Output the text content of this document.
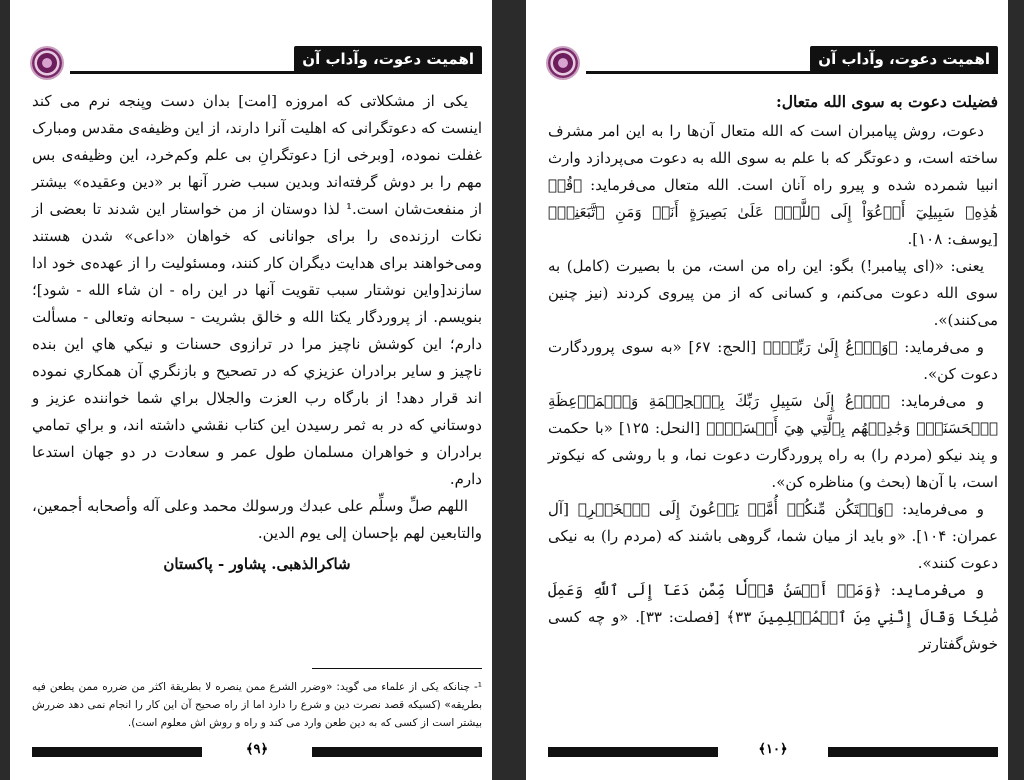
اهمیت دعوت، وآداب آن

یکی از مشکلاتی که امروزه [امت] بدان دست وپنجه نرم می کند اینست که دعوتگرانی که اهلیت آنرا دارند، از این وظیفه‌ی مقدس ومبارک غفلت نموده، [وبرخی از] دعوتگرانِ بی علم وکم‌خرد، این وظیفه‌ی بس مهم را بر دوش گرفته‌اند وبدین سبب ضرر آنها بر «دین وعقیده» بیشتر از منفعت‌شان است.¹ لذا دوستان از من خواستار این شدند تا بعضی از نکات ارزنده‌ی را برای جوانانی که خواهان «داعی» شدن هستند ومی‌خواهند برای هدایت دیگران کار کنند، ومسئولیت را از عهده‌ی خود ادا سازند[واین نوشتار سبب تقویت آنها در این راه - ان شاء الله - شود]؛ بنویسم. از پروردگار یکتا الله و خالق بشریت - سبحانه وتعالی - مسألت دارم؛ این کوشش ناچیز مرا در ترازوی حسنات و نیکي هاي این بنده ناچیز و سایر برادران عزیزي که در تصحیح و بازنگري آن همکاري نموده اند قرار دهد! از بارگاه رب العزت والجلال براي شما خواننده عزیز و دوستاني که در به ثمر رسیدن این کتاب نقشي داشته اند، و براي تمامي برادران و خواهران مسلمان طول عمر و سعادت در دو جهان استدعا دارم.

اللهم صلِّ وسلِّم علی عبدك ورسولك محمد وعلی آله وأصحابه أجمعین، والتابعین لهم بإحسان إلی یوم الدین.

شاکرالذهبی. پشاور - پاکستان

¹- چنانکه یکی از علماء می گوید: «وضرر الشرع ممن ینصره لا بطریقة اکثر من ضرره ممن یطعن فیه بطریقه» (کسیکه قصد نصرت دین و شرع را دارد اما از راه صحیح آن این کار را انجام نمی دهد ضررش بیشتر است از کسی که به دین طعن وارد می کند و راه و روش اش معلوم است).
﴿۹﴾
اهمیت دعوت، وآداب آن

فضیلت دعوت به سوی الله متعال:

دعوت، روش پیامبران است که الله متعال آن‌ها را به این امر مشرف ساخته است، و دعوتگر که با علم به سوی الله به دعوت می‌پردازد وارث انبیا شمرده شده و پیرو راه آنان است. الله متعال می‌فرماید: ﴿قُلۡ هَٰذِهِۦ سَبِيلِيٓ أَدۡعُوٓاْ إِلَى ٱللَّهِۚ عَلَىٰ بَصِيرَةٍ أَنَا۠ وَمَنِ ٱتَّبَعَنِيۖ﴾ [یوسف: ۱۰۸].

یعنی: «(ای پیامبر!) بگو: این راه من است، من با بصیرت (کامل) به سوی الله دعوت می‌کنم، و کسانی که از من پیروی کردند (نیز چنین می‌کنند)».

و می‌فرماید: ﴿وَٱدۡعُ إِلَىٰ رَبِّكَۖ﴾ [الحج: ۶۷] «به سوی پروردگارت دعوت کن».

و می‌فرماید: ﴿ٱدۡعُ إِلَىٰ سَبِيلِ رَبِّكَ بِٱلۡحِكۡمَةِ وَٱلۡمَوۡعِظَةِ ٱلۡحَسَنَةِۖ وَجَٰدِلۡهُم بِٱلَّتِي هِيَ أَحۡسَنُۚ﴾ [النحل: ۱۲۵] «با حکمت و پند نیکو (مردم را) به راه پروردگارت دعوت نما، و با روشی که نیکوتر است، با آن‌ها (بحث و) مناظره کن».

و می‌فرماید: ﴿وَلۡتَكُن مِّنكُمۡ أُمَّةٞ يَدۡعُونَ إِلَى ٱلۡخَيۡرِ﴾ [آل عمران: ۱۰۴]. «و باید از میان شما، گروهی باشند که (مردم را) به نیکی دعوت کنند».

و می‌فرماید: ﴿وَمَنۡ أَحۡسَنُ قَوۡلٗا مِّمَّن دَعَآ إِلَى ٱللَّهِ وَعَمِلَ صَٰلِحٗا وَقَالَ إِنَّنِي مِنَ ٱلۡمُسۡلِمِينَ ٣٣﴾ [فصلت: ۳۳]. «و چه کسی خوش‌گفتارتر

﴿۱۰﴾
